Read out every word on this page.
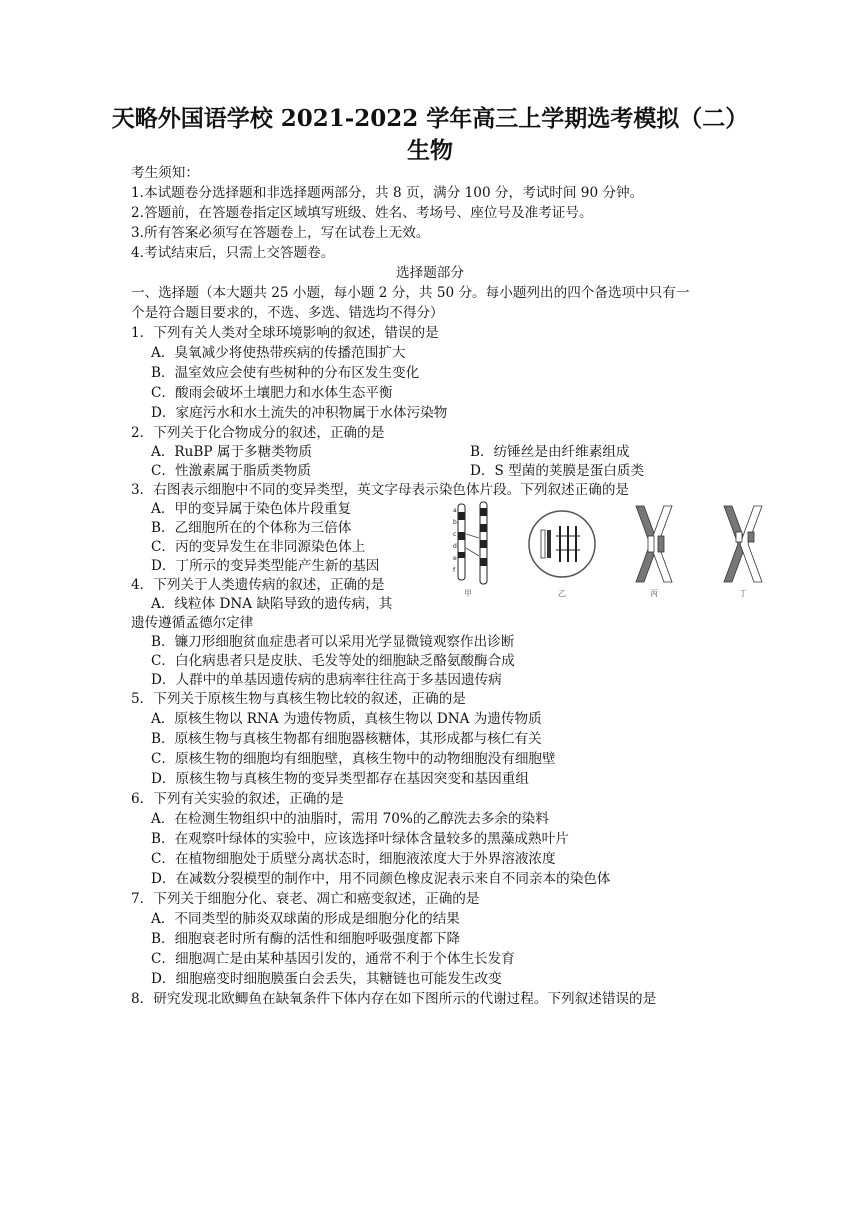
天略外国语学校 2021-2022 学年高三上学期选考模拟（二）
生物
考生须知：
1.本试题卷分选择题和非选择题两部分，共 8 页，满分 100 分，考试时间 90 分钟。
2.答题前，在答题卷指定区域填写班级、姓名、考场号、座位号及准考证号。
3.所有答案必须写在答题卷上，写在试卷上无效。
4.考试结束后，只需上交答题卷。
选择题部分
一、选择题（本大题共 25 小题，每小题 2 分，共 50 分。每小题列出的四个备选项中只有一
个是符合题目要求的，不选、多选、错选均不得分）
1．下列有关人类对全球环境影响的叙述，错误的是
A．臭氧减少将使热带疾病的传播范围扩大
B．温室效应会使有些树种的分布区发生变化
C．酸雨会破坏土壤肥力和水体生态平衡
D．家庭污水和水土流失的冲积物属于水体污染物
2．下列关于化合物成分的叙述，正确的是
A．RuBP 属于多糖类物质	B．纺锤丝是由纤维素组成
C．性激素属于脂质类物质	D．S 型菌的荚膜是蛋白质类
3．右图表示细胞中不同的变异类型，英文字母表示染色体片段。下列叙述正确的是
A．甲的变异属于染色体片段重复
B．乙细胞所在的个体称为三倍体
C．丙的变异发生在非同源染色体上
D．丁所示的变异类型能产生新的基因
a
b
c
d
e
f
甲	乙	丙	丁
4．下列关于人类遗传病的叙述，正确的是
A．线粒体 DNA 缺陷导致的遗传病，其
遗传遵循孟德尔定律
B．镰刀形细胞贫血症患者可以采用光学显微镜观察作出诊断
C．白化病患者只是皮肤、毛发等处的细胞缺乏酪氨酸酶合成
D．人群中的单基因遗传病的患病率往往高于多基因遗传病
5．下列关于原核生物与真核生物比较的叙述，正确的是
A．原核生物以 RNA 为遗传物质，真核生物以 DNA 为遗传物质
B．原核生物与真核生物都有细胞器核糖体，其形成都与核仁有关
C．原核生物的细胞均有细胞壁，真核生物中的动物细胞没有细胞壁
D．原核生物与真核生物的变异类型都存在基因突变和基因重组
6．下列有关实验的叙述，正确的是
A．在检测生物组织中的油脂时，需用 70%的乙醇洗去多余的染料
B．在观察叶绿体的实验中，应该选择叶绿体含量较多的黑藻成熟叶片
C．在植物细胞处于质壁分离状态时，细胞液浓度大于外界溶液浓度
D．在减数分裂模型的制作中，用不同颜色橡皮泥表示来自不同亲本的染色体
7．下列关于细胞分化、衰老、凋亡和癌变叙述，正确的是
A．不同类型的肺炎双球菌的形成是细胞分化的结果
B．细胞衰老时所有酶的活性和细胞呼吸强度都下降
C．细胞凋亡是由某种基因引发的，通常不利于个体生长发育
D．细胞癌变时细胞膜蛋白会丢失，其糖链也可能发生改变
8．研究发现北欧鲫鱼在缺氧条件下体内存在如下图所示的代谢过程。下列叙述错误的是
